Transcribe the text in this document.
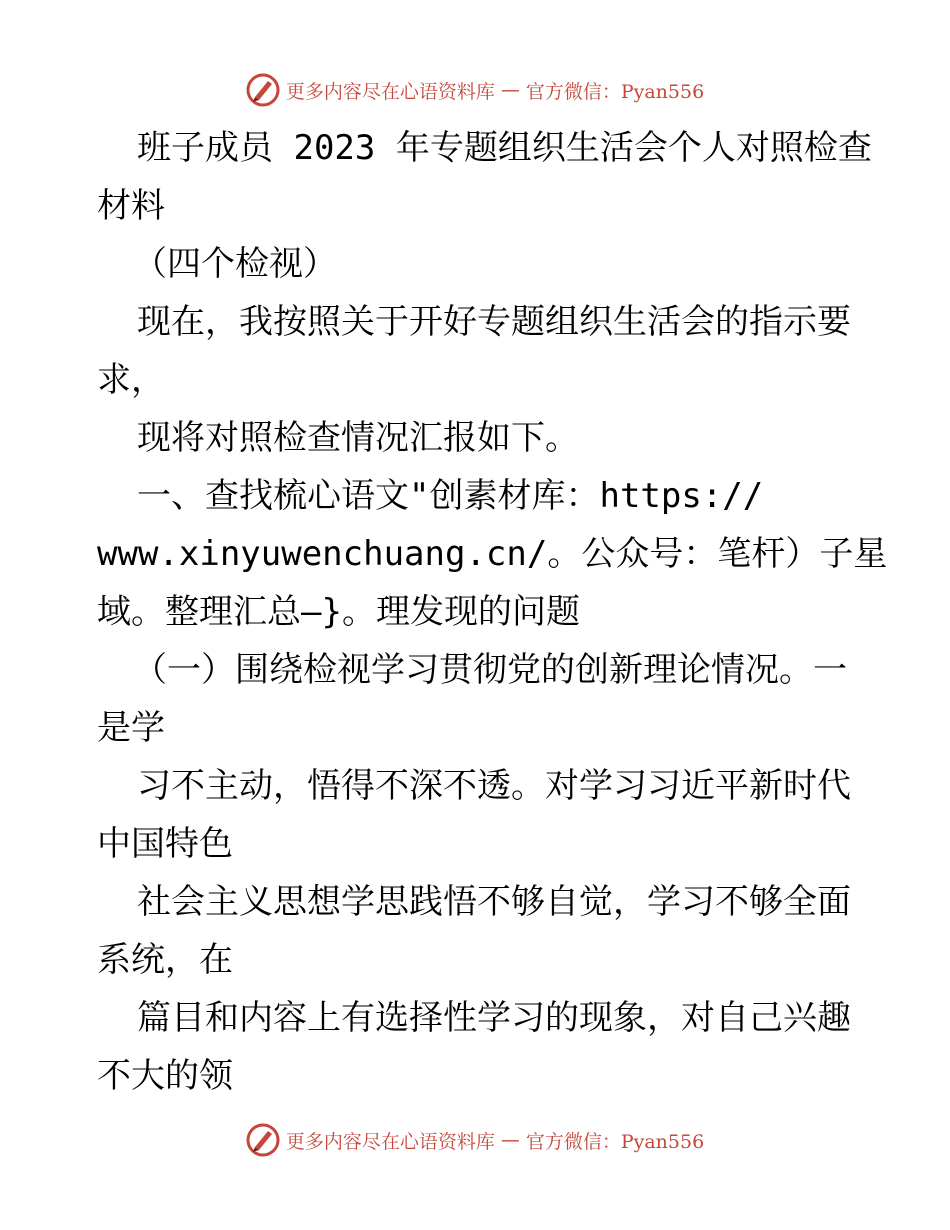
更多内容尽在心语资料库 — 官方微信：Pyan556
班子成员 2023 年专题组织生活会个人对照检查
材料
（四个检视）
现在，我按照关于开好专题组织生活会的指示要
求，
现将对照检查情况汇报如下。
一、查找梳心语文"创素材库：https://
www.xinyuwenchuang.cn/。公众号：笔杆）子星
域。整理汇总—}。理发现的问题
（一）围绕检视学习贯彻党的创新理论情况。一
是学
习不主动，悟得不深不透。对学习习近平新时代
中国特色
社会主义思想学思践悟不够自觉，学习不够全面
系统，在
篇目和内容上有选择性学习的现象，对自己兴趣
不大的领
更多内容尽在心语资料库 — 官方微信：Pyan556
